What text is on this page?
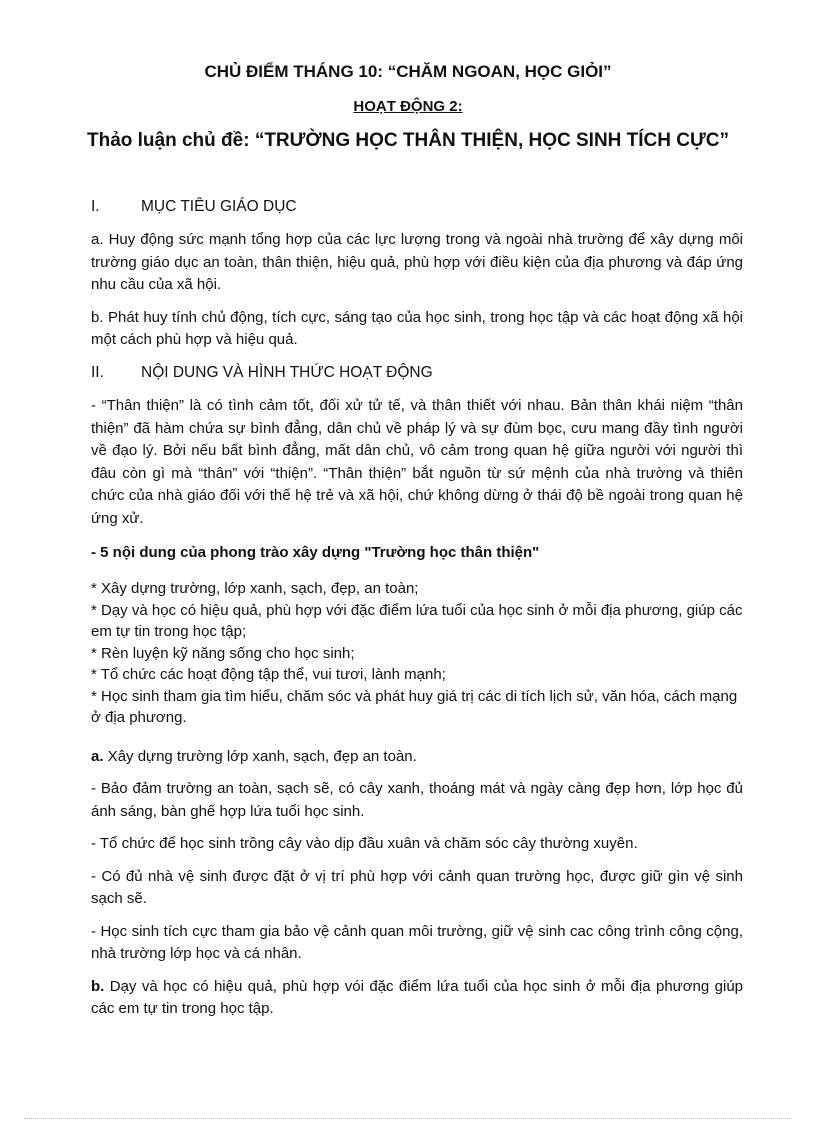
CHỦ ĐIỂM THÁNG 10: “CHĂM NGOAN, HỌC GIỎI”
HOẠT ĐỘNG 2:
Thảo luận chủ đề: “TRƯỜNG HỌC THÂN THIỆN, HỌC SINH TÍCH CỰC”
I.	MỤC TIÊU GIÁO DỤC

a. Huy động sức mạnh tổng hợp của các lực lượng trong và ngoài nhà trường để xây dựng môi trường giáo dục an toàn, thân thiện, hiệu quả, phù hợp với điều kiện của địa phương và đáp ứng nhu cầu của xã hội.

b. Phát huy tính chủ động, tích cực, sáng tạo của học sinh, trong học tập và các hoạt động xã hội một cách phù hợp và hiệu quả.

II. NỘI DUNG VÀ HÌNH THỨC HOẠT ĐỘNG

- “Thân thiện” là có tình cảm tốt, đối xử tử tế, và thân thiết với nhau. Bản thân khái niệm “thân thiện” đã hàm chứa sự bình đẳng, dân chủ về pháp lý và sự đùm bọc, cưu mang đầy tình người về đạo lý. Bởi nếu bất bình đẳng, mất dân chủ, vô cảm trong quan hệ giữa người với người thì đâu còn gì mà “thân” với “thiện”. “Thân thiện” bắt nguồn từ sứ mệnh của nhà trường và thiên chức của nhà giáo đối với thế hệ trẻ và xã hội, chứ không dừng ở thái độ bề ngoài trong quan hệ ứng xử.

- 5 nội dung của phong trào xây dựng "Trường học thân thiện"

* Xây dựng trường, lớp xanh, sạch, đẹp, an toàn;

* Dạy và học có hiệu quả, phù hợp với đặc điểm lứa tuổi của học sinh ở mỗi địa phương, giúp các em tự tin trong học tập;

* Rèn luyện kỹ năng sống cho học sinh;

* Tổ chức các hoạt động tập thể, vui tươi, lành mạnh;

* Học sinh tham gia tìm hiểu, chăm sóc và phát huy giá trị các di tích lịch sử, văn hóa, cách mạng ở địa phương.

a. Xây dựng trường lớp xanh, sạch, đẹp an toàn.

- Bảo đảm trường an toàn, sạch sẽ, có cây xanh, thoáng mát và ngày càng đẹp hơn, lớp học đủ ánh sáng, bàn ghế hợp lứa tuổi học sinh.

- Tổ chức để học sinh trồng cây vào dịp đầu xuân và chăm sóc cây thường xuyên.

- Có đủ nhà vệ sinh được đặt ở vị trí phù hợp với cảnh quan trường học, được giữ gìn vệ sinh sạch sẽ.

- Học sinh tích cực tham gia bảo vệ cảnh quan môi trường, giữ vệ sinh cac công trình công cộng, nhà trường lớp học và cá nhân.

b. Dạy và học có hiệu quả, phù hợp vói đặc điểm lứa tuổi của học sinh ở mỗi địa phương giúp các em tự tin trong học tập.
